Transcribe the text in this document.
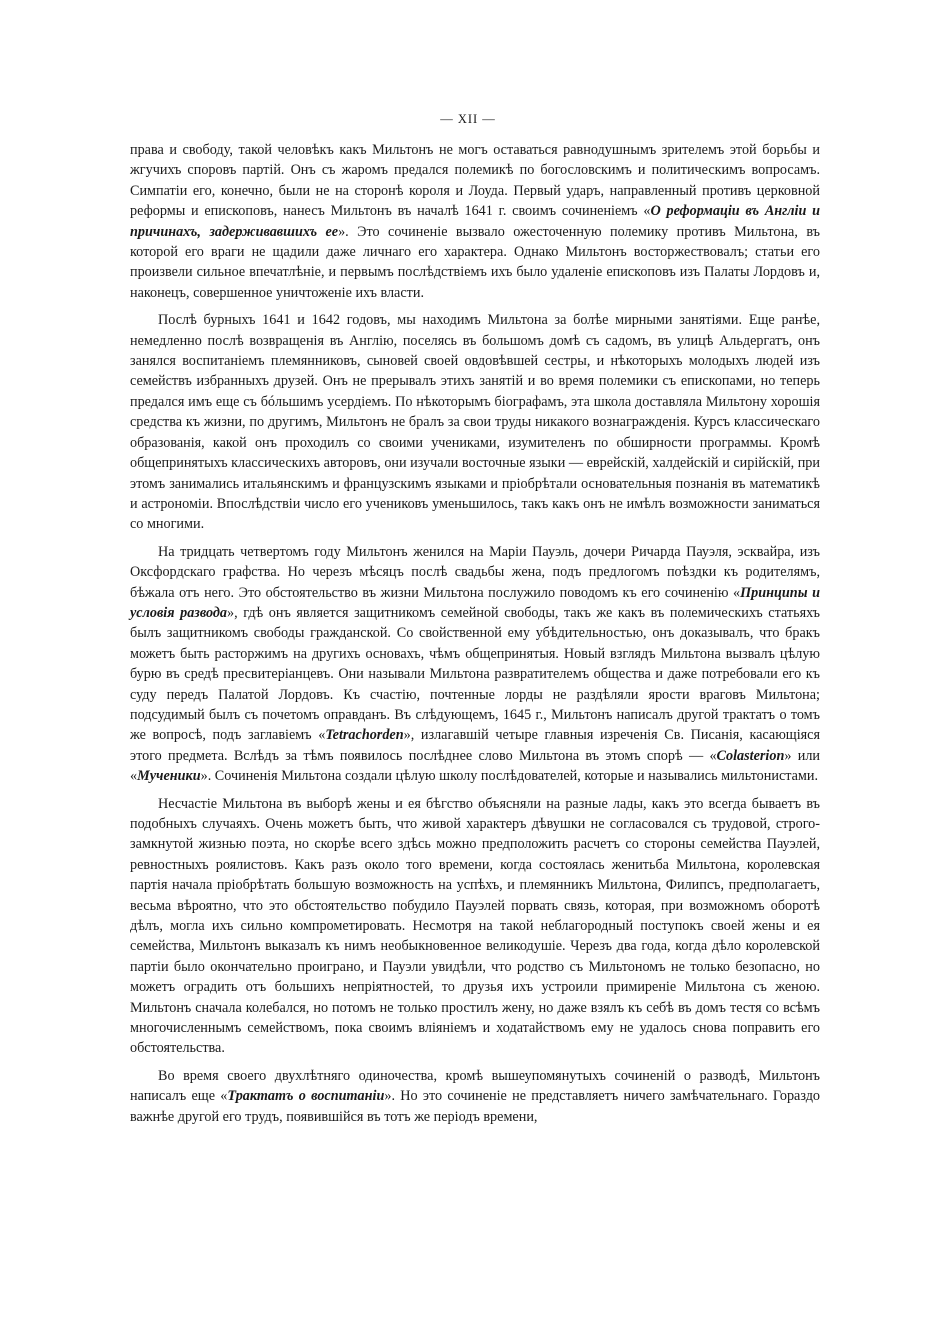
— XII —

права и свободу, такой человѣкъ какъ Мильтонъ не могъ оставаться равнодушнымъ зрителемъ этой борьбы и жгучихъ споровъ партій. Онъ съ жаромъ предался полемикѣ по богословскимъ и политическимъ вопросамъ. Симпатіи его, конечно, были не на сторонѣ короля и Лоуда. Первый ударъ, направленный противъ церковной реформы и епископовъ, нанесъ Мильтонъ въ началѣ 1641 г. своимъ сочиненіемъ «О реформаціи въ Англіи и причинахъ, задерживавшихъ ее». Это сочиненіе вызвало ожесточенную полемику противъ Мильтона, въ которой его враги не щадили даже личнаго его характера. Однако Мильтонъ восторжествовалъ; статьи его произвели сильное впечатлѣніе, и первымъ послѣдствіемъ ихъ было удаленіе епископовъ изъ Палаты Лордовъ и, наконецъ, совершенное уничтоженіе ихъ власти.

Послѣ бурныхъ 1641 и 1642 годовъ, мы находимъ Мильтона за болѣе мирными занятіями. Еще ранѣе, немедленно послѣ возвращенія въ Англію, поселясь въ большомъ домѣ съ садомъ, въ улицѣ Альдергатъ, онъ занялся воспитаніемъ племянниковъ, сыновей своей овдовѣвшей сестры, и нѣкоторыхъ молодыхъ людей изъ семействъ избранныхъ друзей. Онъ не прерывалъ этихъ занятій и во время полемики съ епископами, но теперь предался имъ еще съ бóльшимъ усердіемъ. По нѣкоторымъ біографамъ, эта школа доставляла Мильтону хорошія средства къ жизни, по другимъ, Мильтонъ не бралъ за свои труды никакого вознагражденія. Курсъ классическаго образованія, какой онъ проходилъ со своими учениками, изумителенъ по обширности программы. Кромѣ общепринятыхъ классическихъ авторовъ, они изучали восточные языки — еврейскій, халдейскій и сирійскій, при этомъ занимались итальянскимъ и французскимъ языками и пріобрѣтали основательныя познанія въ математикѣ и астрономіи. Впослѣдствіи число его учениковъ уменьшилось, такъ какъ онъ не имѣлъ возможности заниматься со многими.

На тридцать четвертомъ году Мильтонъ женился на Маріи Пауэль, дочери Ричарда Пауэля, эсквайра, изъ Оксфордскаго графства. Но черезъ мѣсяцъ послѣ свадьбы жена, подъ предлогомъ поѣздки къ родителямъ, бѣжала отъ него. Это обстоятельство въ жизни Мильтона послужило поводомъ къ его сочиненію «Принципы и условія развода», гдѣ онъ является защитникомъ семейной свободы, такъ же какъ въ полемическихъ статьяхъ былъ защитникомъ свободы гражданской. Со свойственной ему убѣдительностью, онъ доказывалъ, что бракъ можетъ быть расторжимъ на другихъ основахъ, чѣмъ общепринятыя. Новый взглядъ Мильтона вызвалъ цѣлую бурю въ средѣ пресвитеріанцевъ. Они называли Мильтона развратителемъ общества и даже потребовали его къ суду передъ Палатой Лордовъ. Къ счастію, почтенные лорды не раздѣляли ярости враговъ Мильтона; подсудимый былъ съ почетомъ оправданъ. Въ слѣдующемъ, 1645 г., Мильтонъ написалъ другой трактатъ о томъ же вопросѣ, подъ заглавіемъ «Tetrachorden», излагавшій четыре главныя изреченія Св. Писанія, касающіяся этого предмета. Вслѣдъ за тѣмъ появилось послѣднее слово Мильтона въ этомъ спорѣ — «Colasterion» или «Мученики». Сочиненія Мильтона создали цѣлую школу послѣдователей, которые и назывались мильтонистами.

Несчастіе Мильтона въ выборѣ жены и ея бѣгство объясняли на разные лады, какъ это всегда бываетъ въ подобныхъ случаяхъ. Очень можетъ быть, что живой характеръ дѣвушки не согласовался съ трудовой, строго-замкнутой жизнью поэта, но скорѣе всего здѣсь можно предположить расчетъ со стороны семейства Пауэлей, ревностныхъ роялистовъ. Какъ разъ около того времени, когда состоялась женитьба Мильтона, королевская партія начала пріобрѣтать большую возможность на успѣхъ, и племянникъ Мильтона, Филипсъ, предполагаетъ, весьма вѣроятно, что это обстоятельство побудило Пауэлей порвать связь, которая, при возможномъ оборотѣ дѣлъ, могла ихъ сильно компрометировать. Несмотря на такой неблагородный поступокъ своей жены и ея семейства, Мильтонъ выказалъ къ нимъ необыкновенное великодушіе. Черезъ два года, когда дѣло королевской партіи было окончательно проиграно, и Пауэли увидѣли, что родство съ Мильтономъ не только безопасно, но можетъ оградить отъ большихъ непріятностей, то друзья ихъ устроили примиреніе Мильтона съ женою. Мильтонъ сначала колебался, но потомъ не только простилъ жену, но даже взялъ къ себѣ въ домъ тестя со всѣмъ многочисленнымъ семействомъ, пока своимъ вліяніемъ и ходатайствомъ ему не удалось снова поправить его обстоятельства.

Во время своего двухлѣтняго одиночества, кромѣ вышеупомянутыхъ сочиненій о разводѣ, Мильтонъ написалъ еще «Трактатъ о воспитаніи». Но это сочиненіе не представляетъ ничего замѣчательнаго. Гораздо важнѣе другой его трудъ, появившійся въ тотъ же періодъ времени,
